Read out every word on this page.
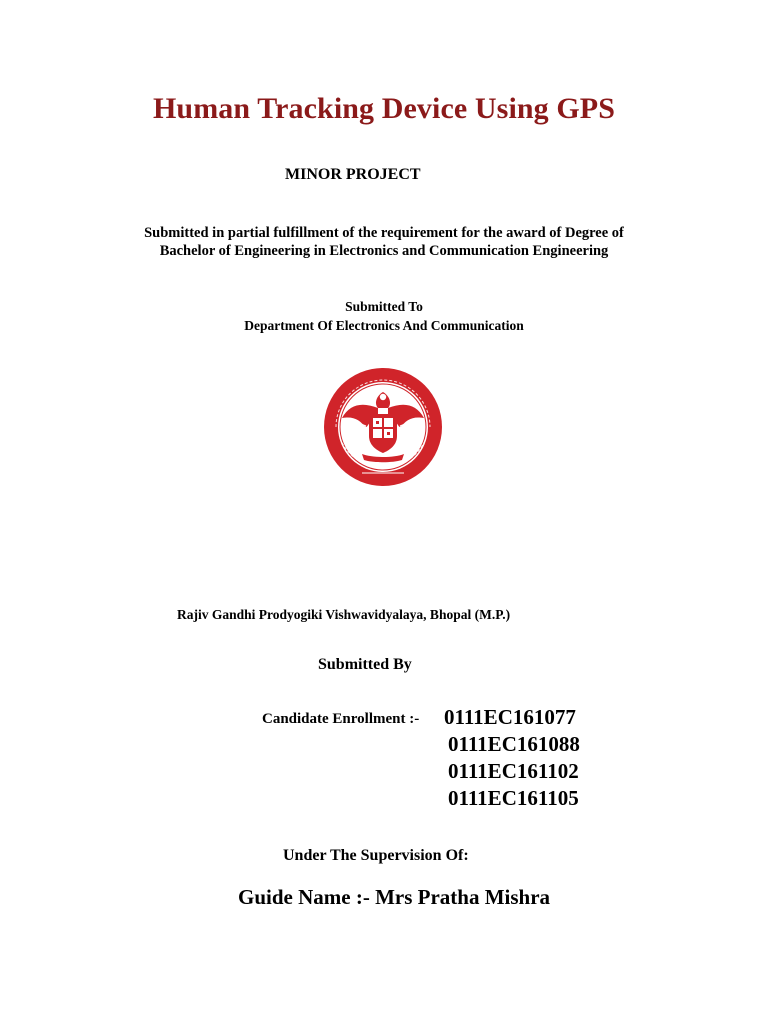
Human Tracking Device Using GPS
MINOR PROJECT
Submitted in partial fulfillment of the requirement for the award of Degree of
Bachelor of Engineering in Electronics and Communication Engineering
Submitted To
Department Of Electronics And Communication
Rajiv Gandhi Prodyogiki Vishwavidyalaya, Bhopal (M.P.)
Submitted By
Candidate Enrollment :- 0111EC161077
0111EC161088
0111EC161102
0111EC161105
Under The Supervision Of:
Guide Name :- Mrs Pratha Mishra
